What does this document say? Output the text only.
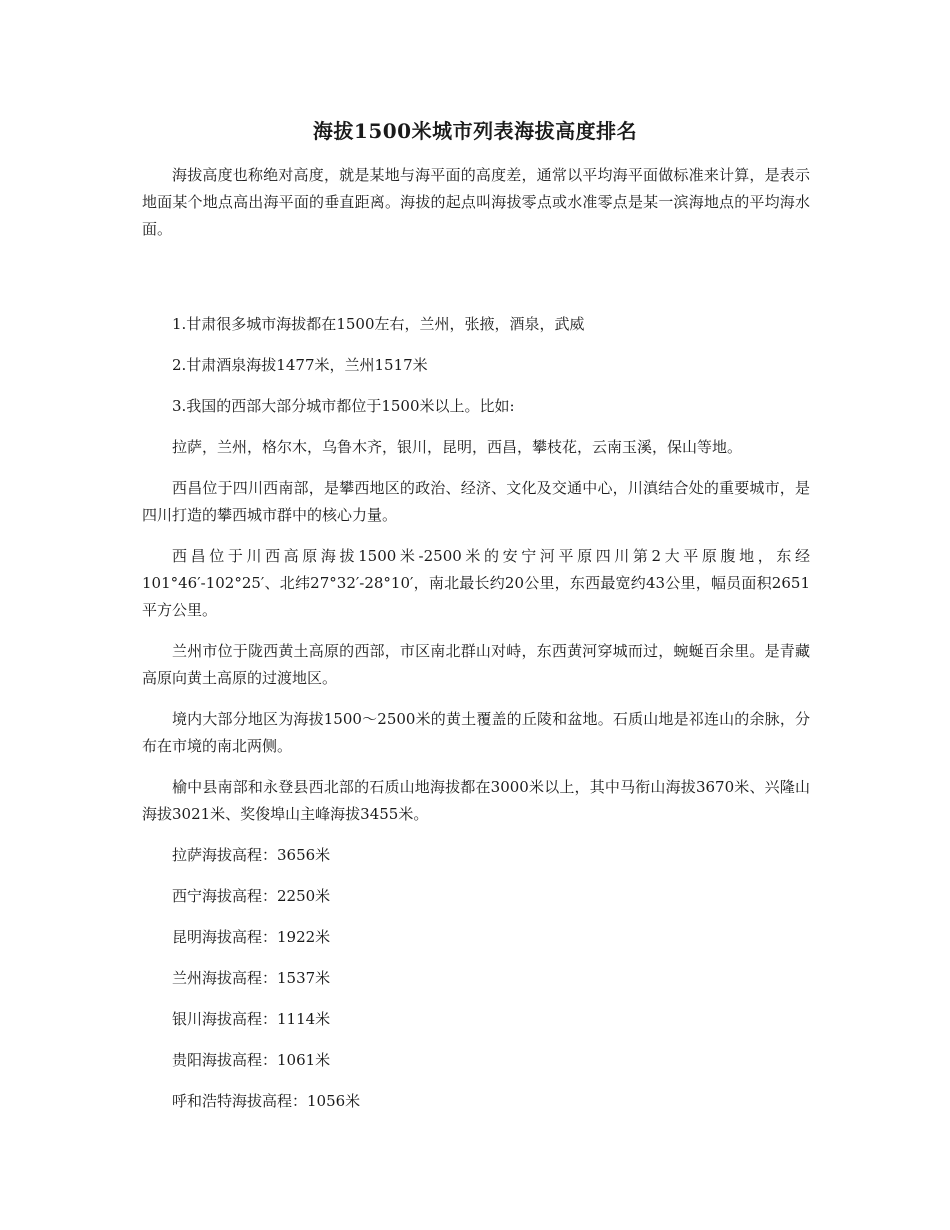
海拔1500米城市列表海拔高度排名

海拔高度也称绝对高度，就是某地与海平面的高度差，通常以平均海平面做标准来计算，是表示地面某个地点高出海平面的垂直距离。海拔的起点叫海拔零点或水准零点是某一滨海地点的平均海水面。

1.甘肃很多城市海拔都在1500左右，兰州，张掖，酒泉，武威

2.甘肃酒泉海拔1477米，兰州1517米

3.我国的西部大部分城市都位于1500米以上。比如:

拉萨，兰州，格尔木，乌鲁木齐，银川，昆明，西昌，攀枝花，云南玉溪，保山等地。

西昌位于四川西南部，是攀西地区的政治、经济、文化及交通中心，川滇结合处的重要城市，是四川打造的攀西城市群中的核心力量。

西昌位于川西高原海拔1500米-2500米的安宁河平原四川第2大平原腹地，东经101°46′-102°25′、北纬27°32′-28°10′，南北最长约20公里，东西最宽约43公里，幅员面积2651平方公里。

兰州市位于陇西黄土高原的西部，市区南北群山对峙，东西黄河穿城而过，蜿蜒百余里。是青藏高原向黄土高原的过渡地区。

境内大部分地区为海拔1500～2500米的黄土覆盖的丘陵和盆地。石质山地是祁连山的余脉，分布在市境的南北两侧。

榆中县南部和永登县西北部的石质山地海拔都在3000米以上，其中马衔山海拔3670米、兴隆山海拔3021米、奖俊埠山主峰海拔3455米。

拉萨海拔高程：3656米

西宁海拔高程：2250米

昆明海拔高程：1922米

兰州海拔高程：1537米

银川海拔高程：1114米

贵阳海拔高程：1061米

呼和浩特海拔高程：1056米
